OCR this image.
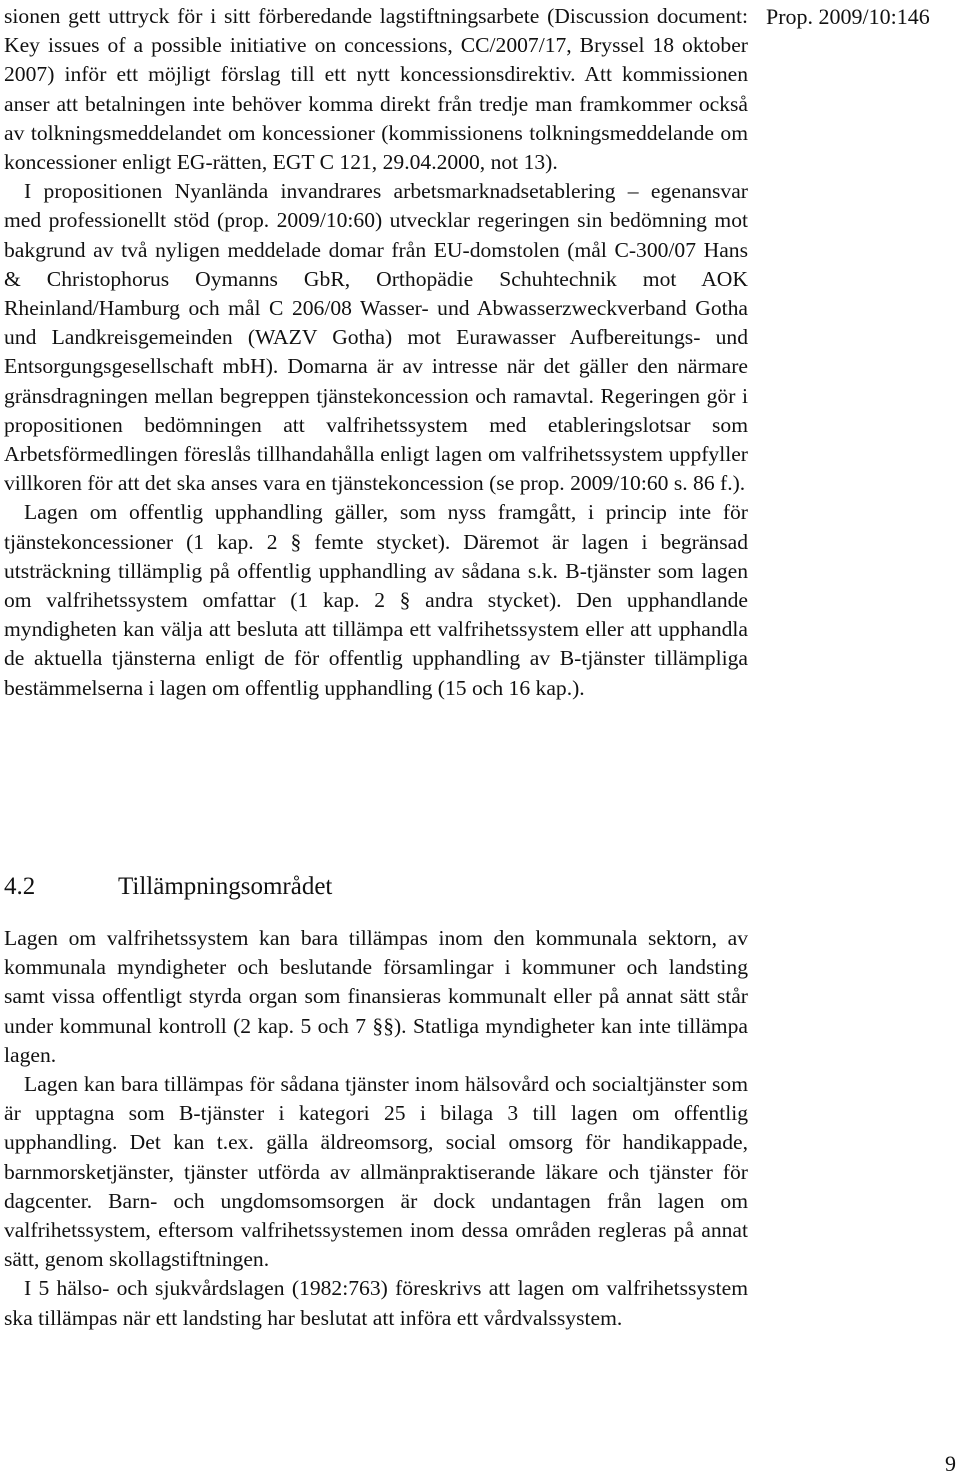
Prop. 2009/10:146

sionen gett uttryck för i sitt förberedande lagstiftningsarbete (Discussion document: Key issues of a possible initiative on concessions, CC/2007/17, Bryssel 18 oktober 2007) inför ett möjligt förslag till ett nytt koncessionsdirektiv. Att kommissionen anser att betalningen inte behöver komma direkt från tredje man framkommer också av tolkningsmeddelandet om koncessioner (kommissionens tolkningsmeddelande om koncessioner enligt EG-rätten, EGT C 121, 29.04.2000, not 13).

I propositionen Nyanlända invandrares arbetsmarknadsetablering – egenansvar med professionellt stöd (prop. 2009/10:60) utvecklar regeringen sin bedömning mot bakgrund av två nyligen meddelade domar från EU-domstolen (mål C-300/07 Hans & Christophorus Oymanns GbR, Orthopädie Schuhtechnik mot AOK Rheinland/Hamburg och mål C 206/08 Wasser- und Abwasserzweckverband Gotha und Landkreisgemeinden (WAZV Gotha) mot Eurawasser Aufbereitungs- und Entsorgungsgesellschaft mbH). Domarna är av intresse när det gäller den närmare gränsdragningen mellan begreppen tjänstekoncession och ramavtal. Regeringen gör i propositionen bedömningen att valfrihetssystem med etableringslotsar som Arbetsförmedlingen föreslås tillhandahålla enligt lagen om valfrihetssystem uppfyller villkoren för att det ska anses vara en tjänstekoncession (se prop. 2009/10:60 s. 86 f.).

Lagen om offentlig upphandling gäller, som nyss framgått, i princip inte för tjänstekoncessioner (1 kap. 2 § femte stycket). Däremot är lagen i begränsad utsträckning tillämplig på offentlig upphandling av sådana s.k. B-tjänster som lagen om valfrihetssystem omfattar (1 kap. 2 § andra stycket). Den upphandlande myndigheten kan välja att besluta att tillämpa ett valfrihetssystem eller att upphandla de aktuella tjänsterna enligt de för offentlig upphandling av B-tjänster tillämpliga bestämmelserna i lagen om offentlig upphandling (15 och 16 kap.).

4.2	Tillämpningsområdet

Lagen om valfrihetssystem kan bara tillämpas inom den kommunala sektorn, av kommunala myndigheter och beslutande församlingar i kommuner och landsting samt vissa offentligt styrda organ som finansieras kommunalt eller på annat sätt står under kommunal kontroll (2 kap. 5 och 7 §§). Statliga myndigheter kan inte tillämpa lagen.

Lagen kan bara tillämpas för sådana tjänster inom hälsovård och socialtjänster som är upptagna som B-tjänster i kategori 25 i bilaga 3 till lagen om offentlig upphandling. Det kan t.ex. gälla äldreomsorg, social omsorg för handikappade, barnmorsketjänster, tjänster utförda av allmänpraktiserande läkare och tjänster för dagcenter. Barn- och ungdomsomsorgen är dock undantagen från lagen om valfrihetssystem, eftersom valfrihetssystemen inom dessa områden regleras på annat sätt, genom skollagstiftningen.

I 5 hälso- och sjukvårdslagen (1982:763) föreskrivs att lagen om valfrihetssystem ska tillämpas när ett landsting har beslutat att införa ett vårdvalssystem.

9
